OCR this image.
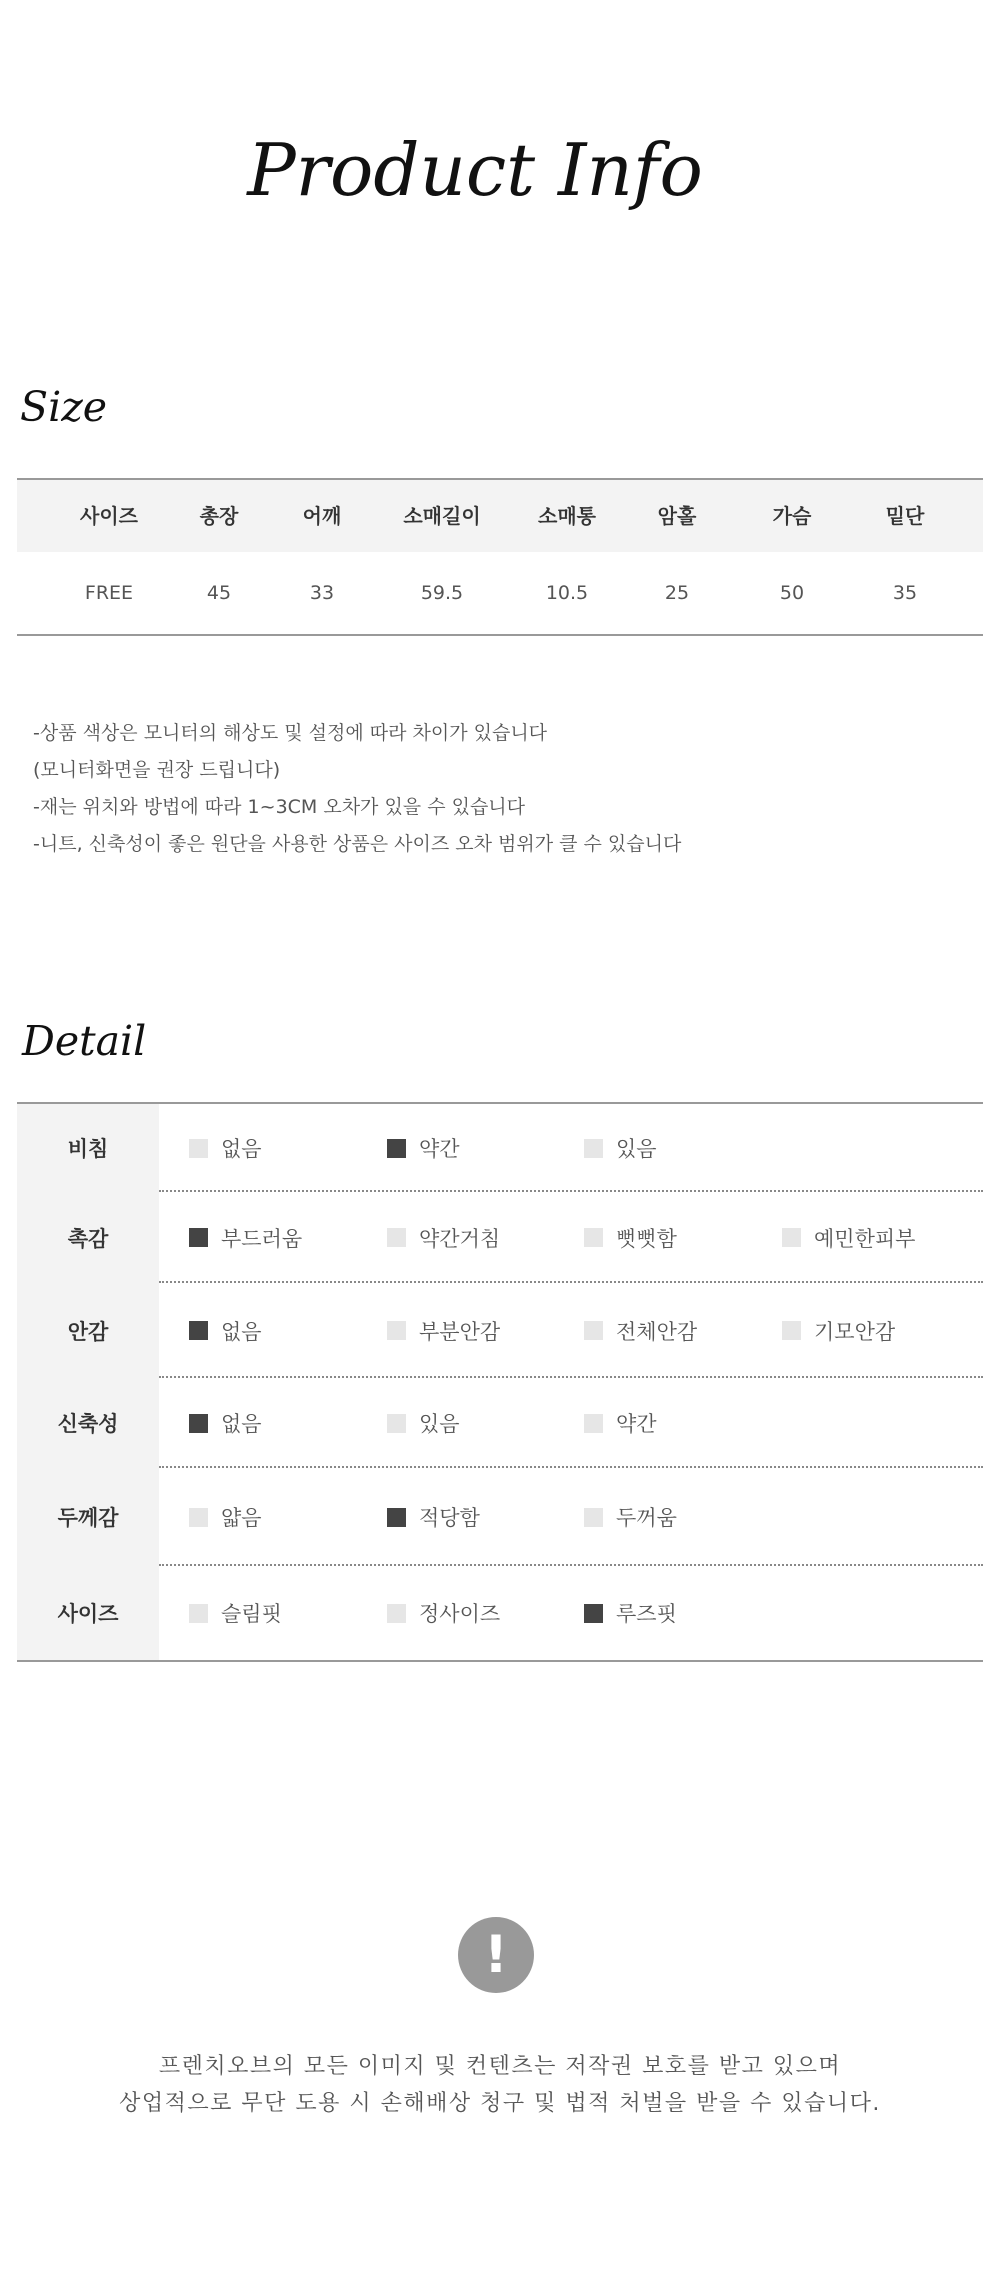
Product Info
Size
사이즈	총장	어깨	소매길이	소매통	암홀	가슴	밑단
FREE	45	33	59.5	10.5	25	50	35
-상품 색상은 모니터의 해상도 및 설정에 따라 차이가 있습니다
(모니터화면을 권장 드립니다)
-재는 위치와 방법에 따라 1~3CM 오차가 있을 수 있습니다
-니트, 신축성이 좋은 원단을 사용한 상품은 사이즈 오차 범위가 클 수 있습니다
Detail
비침	없음	약간	있음
촉감	부드러움	약간거침	뻣뻣함	예민한피부
안감	없음	부분안감	전체안감	기모안감
신축성	없음	있음	약간
두께감	얇음	적당함	두꺼움
사이즈	슬림핏	정사이즈	루즈핏
!
프렌치오브의 모든 이미지 및 컨텐츠는 저작권 보호를 받고 있으며
상업적으로 무단 도용 시 손해배상 청구 및 법적 처벌을 받을 수 있습니다.
